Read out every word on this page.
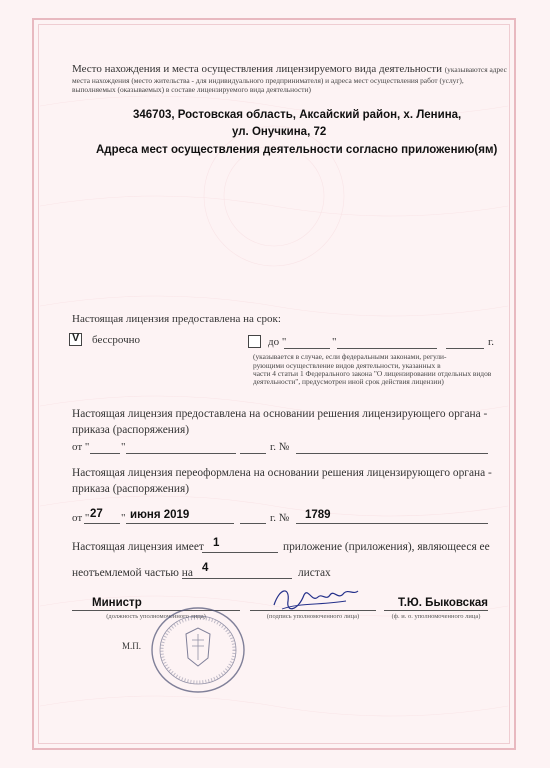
Место нахождения и места осуществления лицензируемого вида деятельности (указываются адрес
места нахождения (место жительства - для индивидуального предпринимателя) и адреса мест осуществления работ (услуг),
выполняемых (оказываемых) в составе лицензируемого вида деятельности)
346703, Ростовская область, Аксайский район, х. Ленина,
ул. Онучкина, 72
Адреса мест осуществления деятельности согласно приложению(ям)
Настоящая лицензия предоставлена на срок:
V бессрочно	до "	"	г.
(указывается в случае, если федеральными законами, регули-
рующими осуществление видов деятельности, указанных в
части 4 статьи 1 Федерального закона "О лицензировании отдельных видов
деятельности", предусмотрен иной срок действия лицензии)
Настоящая лицензия предоставлена на основании решения лицензирующего органа -
приказа (распоряжения)
от "	"	г. №
Настоящая лицензия переоформлена на основании решения лицензирующего органа -
приказа (распоряжения)
от " 27 " июня 2019	г. № 1789
Настоящая лицензия имеет 1	приложение (приложения), являющееся ее
неотъемлемой частью на 4	листах
Министр
(должность уполномоченного лица)	(подпись уполномоченного лица)
Т.Ю. Быковская
(ф. и. о. уполномоченного лица)
М.П.
